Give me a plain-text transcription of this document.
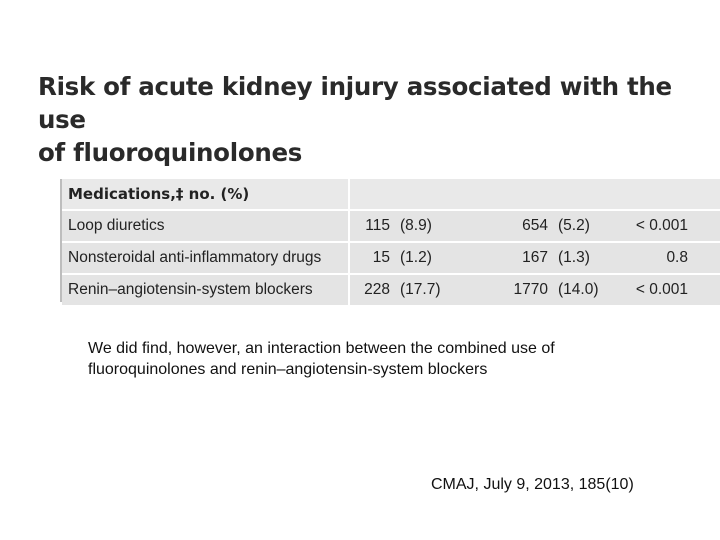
Risk of acute kidney injury associated with the use
of fluoroquinolones
Medications,‡ no. (%)					
Loop diuretics	115	(8.9)	654	(5.2)	< 0.001
Nonsteroidal anti-inflammatory drugs	15	(1.2)	167	(1.3)	0.8
Renin–angiotensin-system blockers	228	(17.7)	1770	(14.0)	< 0.001
We did find, however, an interaction between the combined use of
fluoroquinolones and renin–angiotensin-system blockers
CMAJ, July 9, 2013, 185(10)
